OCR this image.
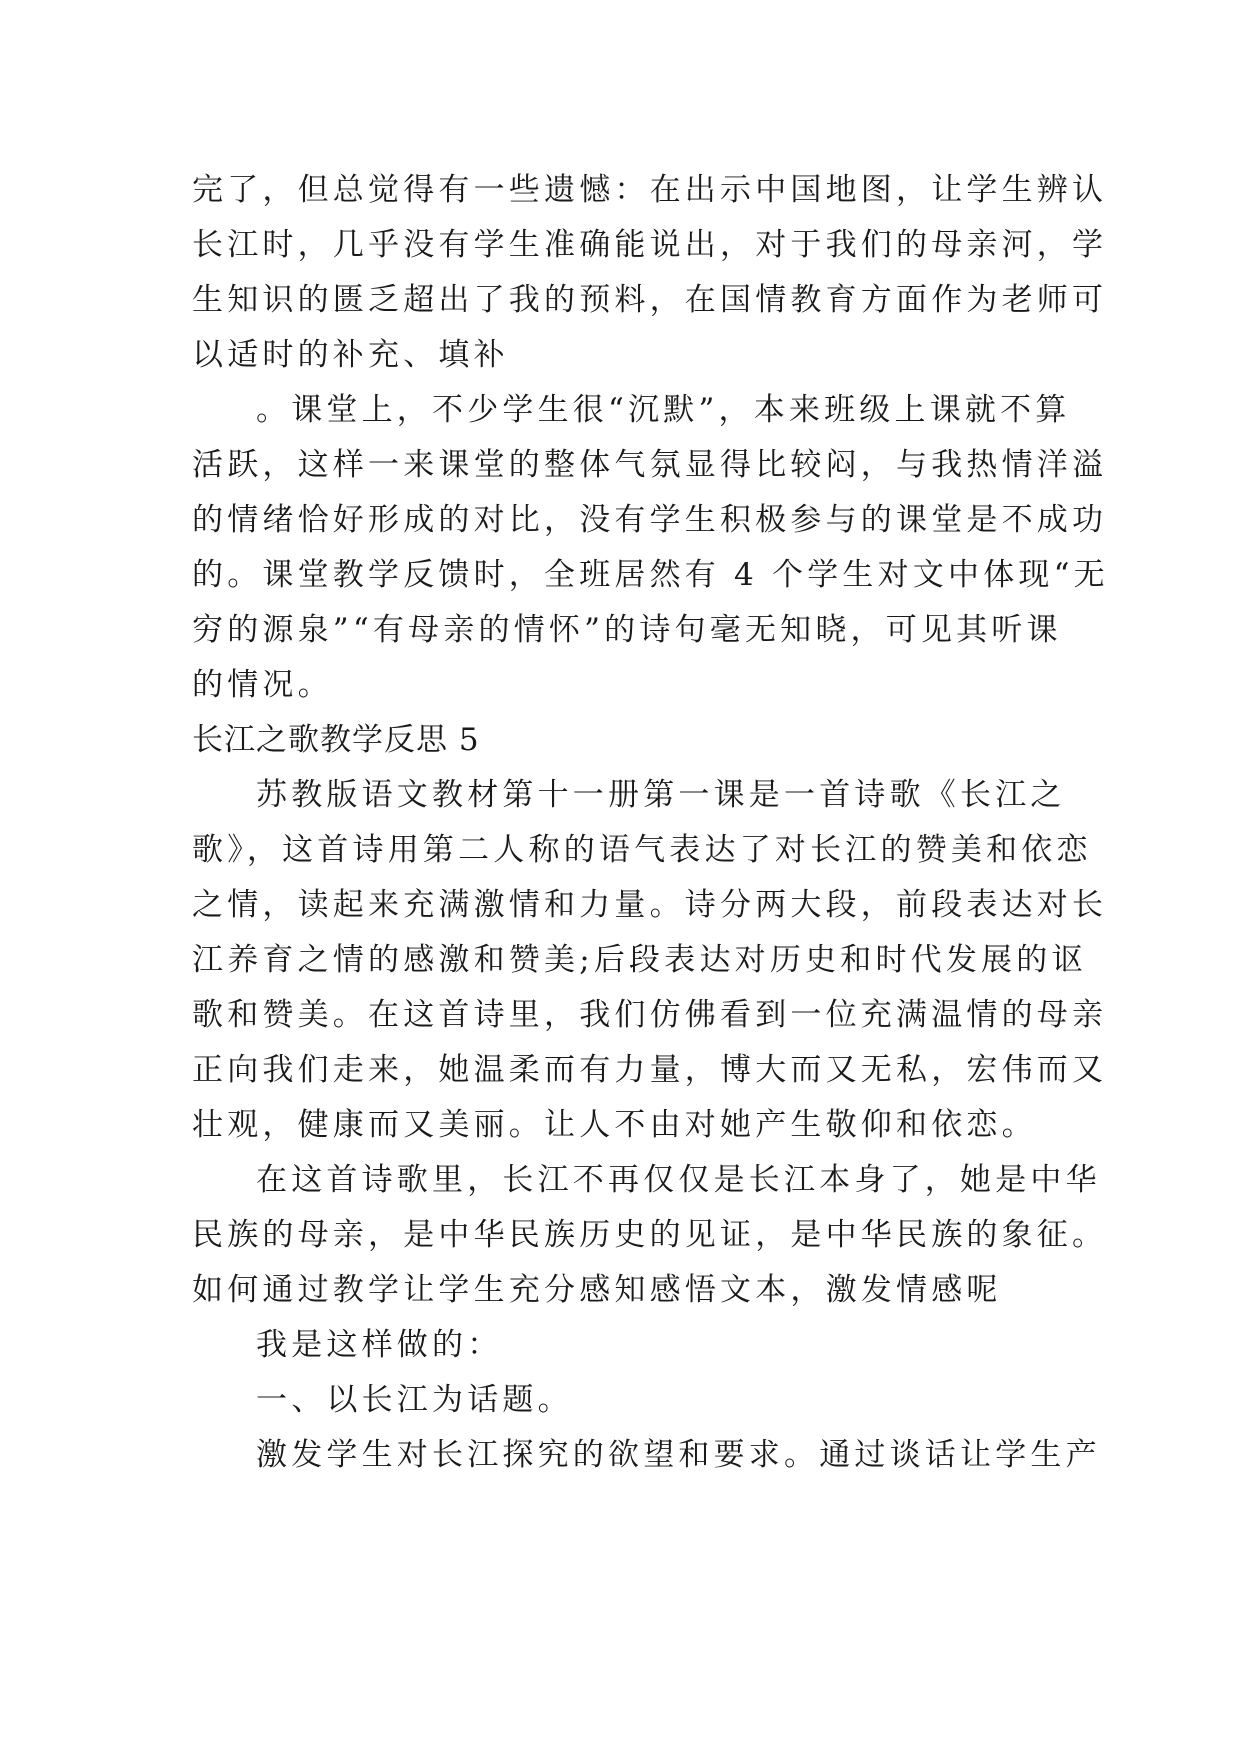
完了，但总觉得有一些遗憾：在出示中国地图，让学生辨认
长江时，几乎没有学生准确能说出，对于我们的母亲河，学
生知识的匮乏超出了我的预料，在国情教育方面作为老师可
以适时的补充、填补
。课堂上，不少学生很“沉默”，本来班级上课就不算
活跃，这样一来课堂的整体气氛显得比较闷，与我热情洋溢
的情绪恰好形成的对比，没有学生积极参与的课堂是不成功
的。课堂教学反馈时，全班居然有 4 个学生对文中体现“无
穷的源泉”“有母亲的情怀”的诗句毫无知晓，可见其听课
的情况。
长江之歌教学反思 5
苏教版语文教材第十一册第一课是一首诗歌《长江之
歌》，这首诗用第二人称的语气表达了对长江的赞美和依恋
之情，读起来充满激情和力量。诗分两大段，前段表达对长
江养育之情的感激和赞美;后段表达对历史和时代发展的讴
歌和赞美。在这首诗里，我们仿佛看到一位充满温情的母亲
正向我们走来，她温柔而有力量，博大而又无私，宏伟而又
壮观，健康而又美丽。让人不由对她产生敬仰和依恋。
在这首诗歌里，长江不再仅仅是长江本身了，她是中华
民族的母亲，是中华民族历史的见证，是中华民族的象征。
如何通过教学让学生充分感知感悟文本，激发情感呢
我是这样做的：
一、以长江为话题。
激发学生对长江探究的欲望和要求。通过谈话让学生产
